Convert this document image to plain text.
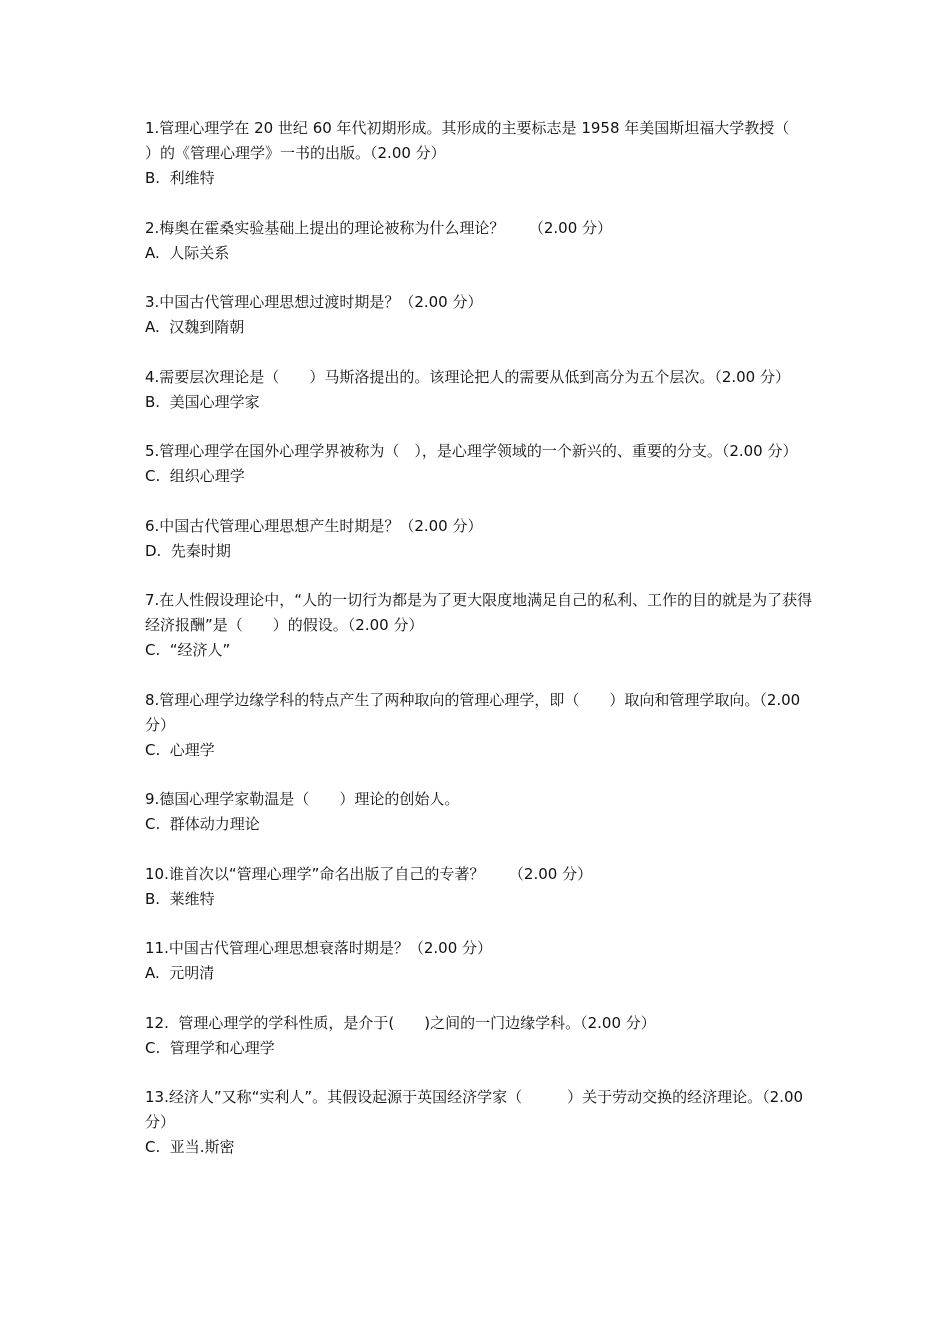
1.管理心理学在 20 世纪 60 年代初期形成。其形成的主要标志是 1958 年美国斯坦福大学教授（　　）的《管理心理学》一书的出版。（2.00 分）

B.  利维特

2.梅奥在霍桑实验基础上提出的理论被称为什么理论？　  （2.00 分）

A.  人际关系

3.中国古代管理心理思想过渡时期是？（2.00 分）

A.  汉魏到隋朝

4.需要层次理论是（　　）马斯洛提出的。该理论把人的需要从低到高分为五个层次。（2.00 分）

B.  美国心理学家

5.管理心理学在国外心理学界被称为（　），是心理学领域的一个新兴的、重要的分支。（2.00 分）

C.  组织心理学

6.中国古代管理心理思想产生时期是？（2.00 分）

D.  先秦时期

7.在人性假设理论中，“人的一切行为都是为了更大限度地满足自己的私利、工作的目的就是为了获得经济报酬”是（　　）的假设。（2.00 分）

C.  “经济人”

8.管理心理学边缘学科的特点产生了两种取向的管理心理学，即（　　）取向和管理学取向。（2.00 分）

C.  心理学

9.德国心理学家勒温是（　　）理论的创始人。

C.  群体动力理论

10.谁首次以“管理心理学”命名出版了自己的专著？　  （2.00 分）

B.  莱维特

11.中国古代管理心理思想衰落时期是？（2.00 分）

A.  元明清

12.  管理心理学的学科性质，是介于(　　)之间的一门边缘学科。（2.00 分）

C.  管理学和心理学

13.经济人”又称“实利人”。其假设起源于英国经济学家（　　　）关于劳动交换的经济理论。（2.00 分）

C.  亚当.斯密
